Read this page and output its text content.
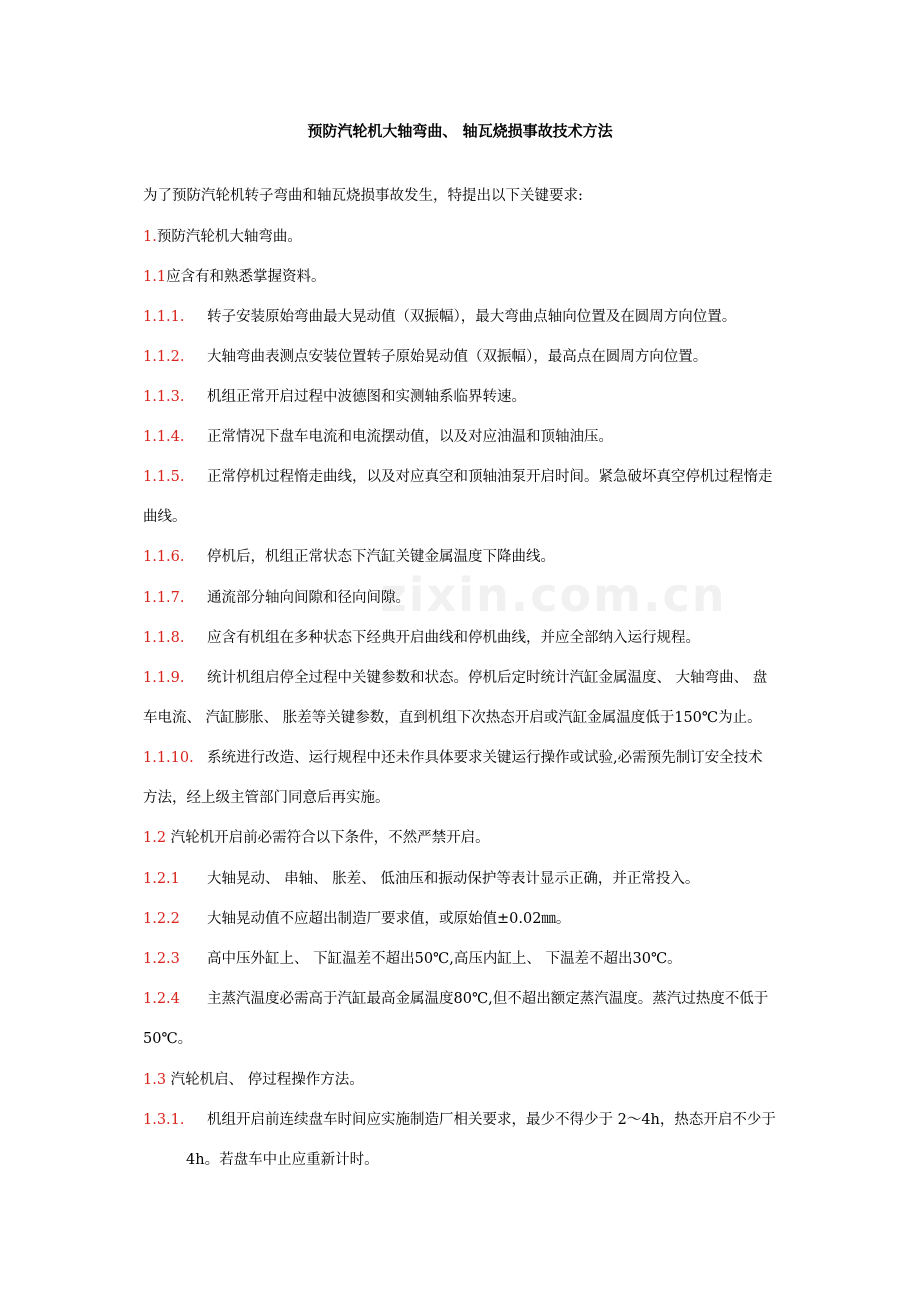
zixin.com.cn
预防汽轮机大轴弯曲、 轴瓦烧损事故技术方法
为了预防汽轮机转子弯曲和轴瓦烧损事故发生，特提出以下关键要求:
1.预防汽轮机大轴弯曲。
1.1应含有和熟悉掌握资料。
1.1.1. 转子安装原始弯曲最大晃动值（双振幅），最大弯曲点轴向位置及在圆周方向位置。
1.1.2. 大轴弯曲表测点安装位置转子原始晃动值（双振幅），最高点在圆周方向位置。
1.1.3. 机组正常开启过程中波德图和实测轴系临界转速。
1.1.4. 正常情况下盘车电流和电流摆动值，以及对应油温和顶轴油压。
1.1.5. 正常停机过程惰走曲线，以及对应真空和顶轴油泵开启时间。紧急破坏真空停机过程惰走
曲线。
1.1.6. 停机后，机组正常状态下汽缸关键金属温度下降曲线。
1.1.7. 通流部分轴向间隙和径向间隙。
1.1.8. 应含有机组在多种状态下经典开启曲线和停机曲线，并应全部纳入运行规程。
1.1.9. 统计机组启停全过程中关键参数和状态。停机后定时统计汽缸金属温度、 大轴弯曲、 盘
车电流、 汽缸膨胀、 胀差等关键参数，直到机组下次热态开启或汽缸金属温度低于150℃为止。
1.1.10. 系统进行改造、运行规程中还未作具体要求关键运行操作或试验,必需预先制订安全技术
方法，经上级主管部门同意后再实施。
1.2 汽轮机开启前必需符合以下条件，不然严禁开启。
1.2.1 大轴晃动、 串轴、 胀差、 低油压和振动保护等表计显示正确，并正常投入。
1.2.2 大轴晃动值不应超出制造厂要求值，或原始值±0.02㎜。
1.2.3 高中压外缸上、 下缸温差不超出50℃,高压内缸上、 下温差不超出30℃。
1.2.4 主蒸汽温度必需高于汽缸最高金属温度80℃,但不超出额定蒸汽温度。蒸汽过热度不低于
50℃。
1.3 汽轮机启、 停过程操作方法。
1.3.1. 机组开启前连续盘车时间应实施制造厂相关要求，最少不得少于 2～4h，热态开启不少于
4h。若盘车中止应重新计时。
